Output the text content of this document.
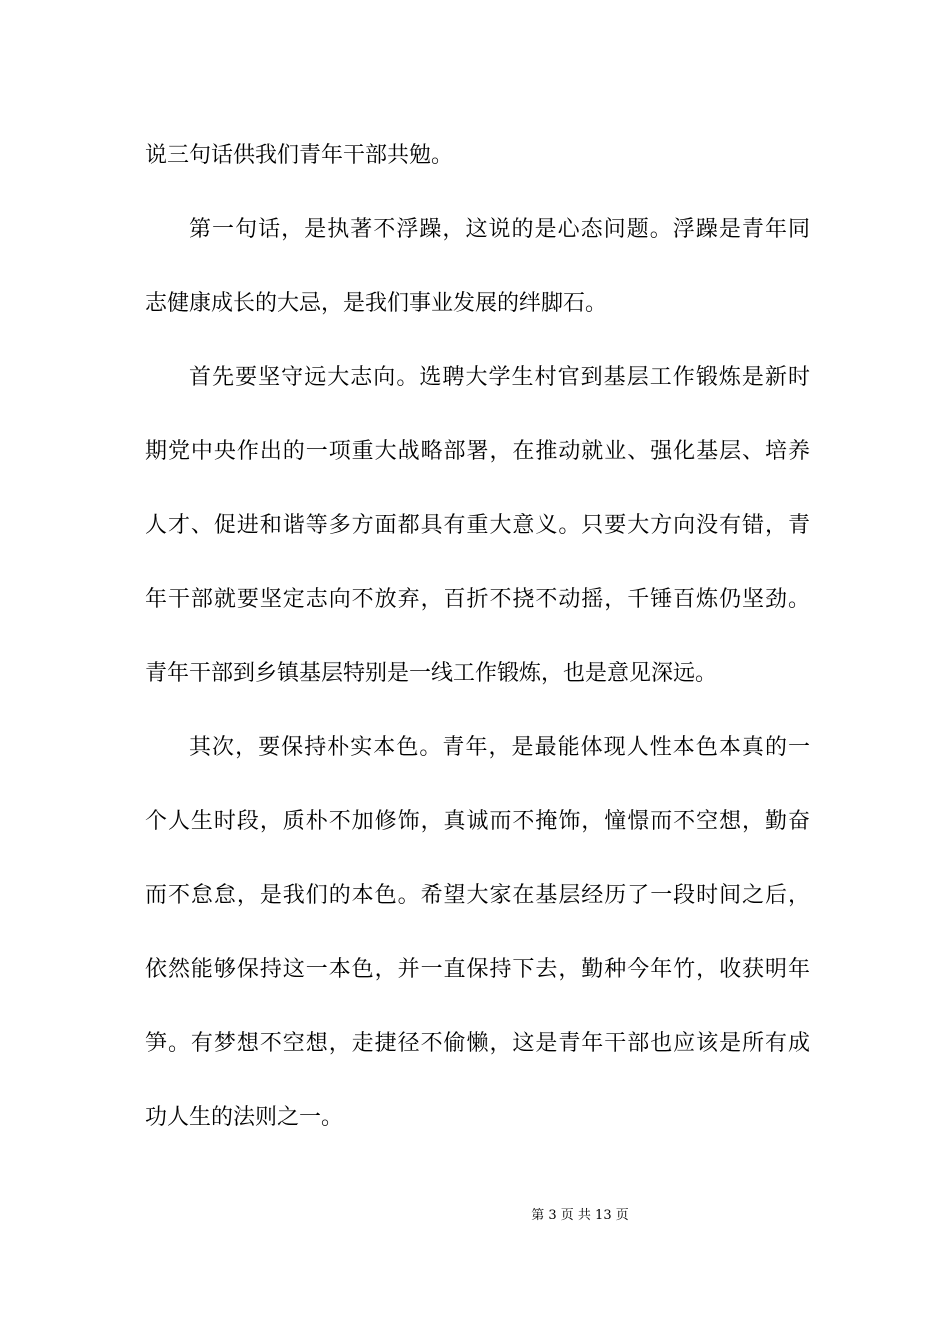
说三句话供我们青年干部共勉。
第一句话，是执著不浮躁，这说的是心态问题。浮躁是青年同
志健康成长的大忌，是我们事业发展的绊脚石。
首先要坚守远大志向。选聘大学生村官到基层工作锻炼是新时
期党中央作出的一项重大战略部署，在推动就业、强化基层、培养
人才、促进和谐等多方面都具有重大意义。只要大方向没有错，青
年干部就要坚定志向不放弃，百折不挠不动摇，千锤百炼仍坚劲。
青年干部到乡镇基层特别是一线工作锻炼，也是意见深远。
其次，要保持朴实本色。青年，是最能体现人性本色本真的一
个人生时段，质朴不加修饰，真诚而不掩饰，憧憬而不空想，勤奋
而不怠怠，是我们的本色。希望大家在基层经历了一段时间之后，
依然能够保持这一本色，并一直保持下去，勤种今年竹，收获明年
笋。有梦想不空想，走捷径不偷懒，这是青年干部也应该是所有成
功人生的法则之一。
第 3 页 共 13 页
